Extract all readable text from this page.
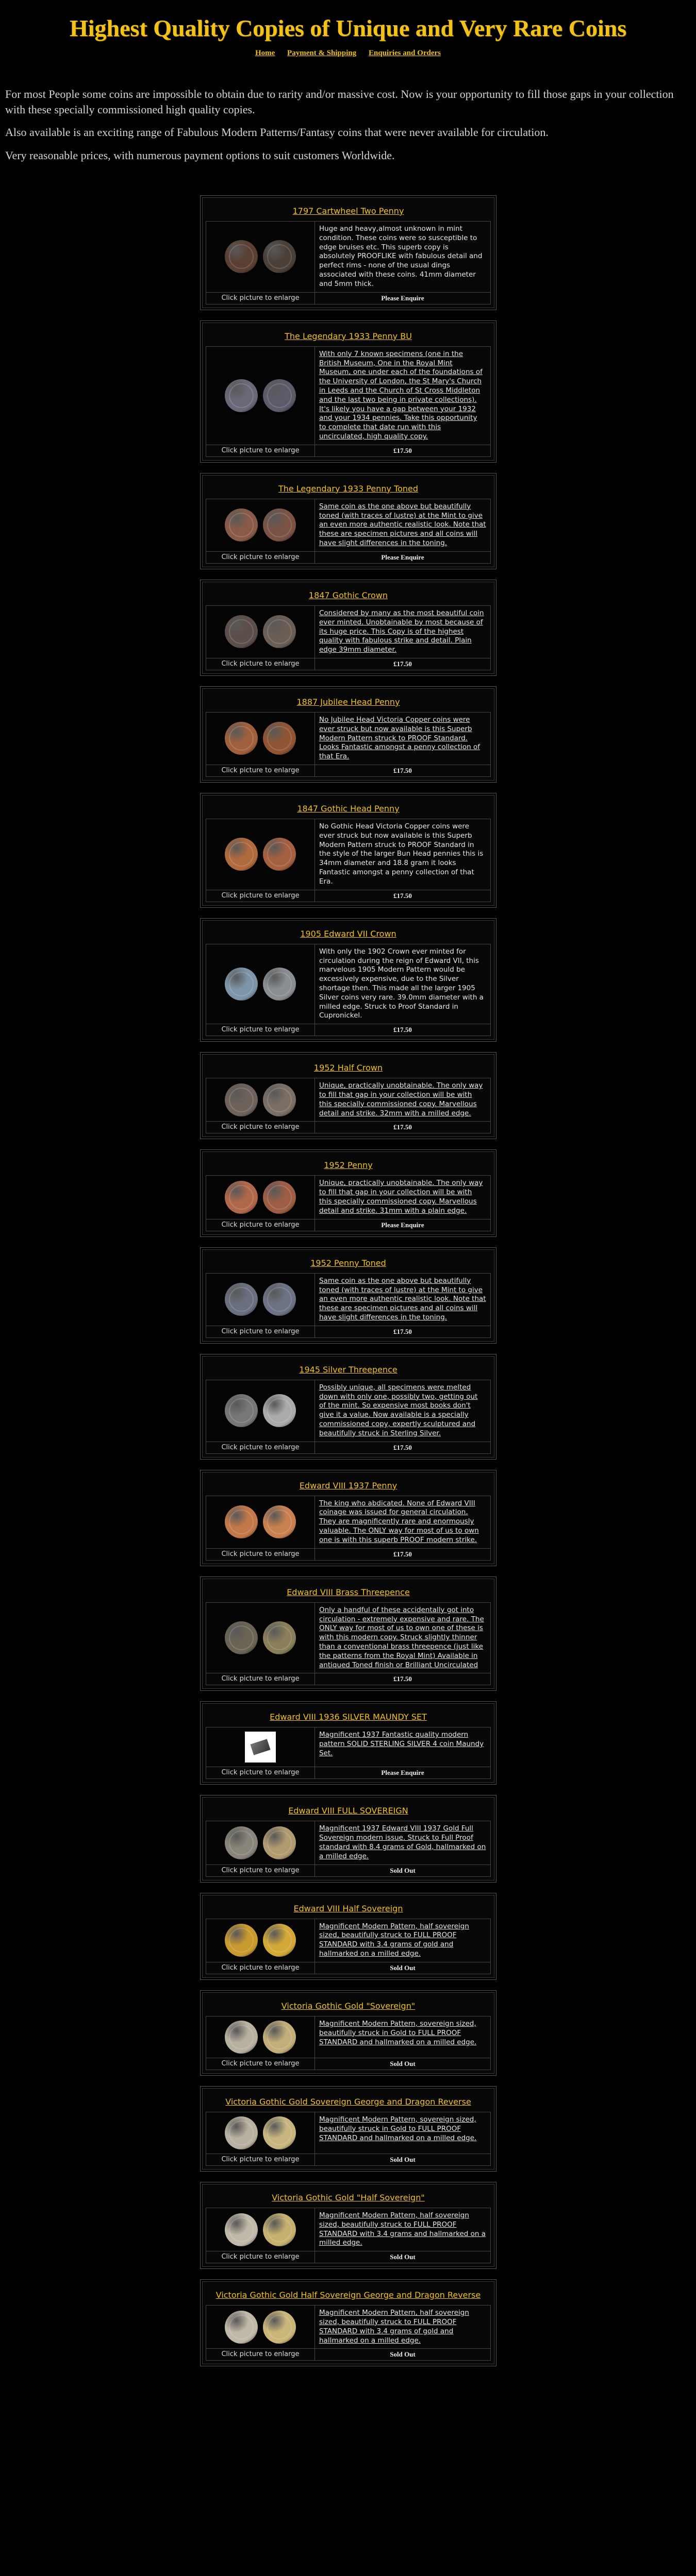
Highest Quality Copies of Unique and Very Rare Coins
Home Payment & Shipping Enquiries and Orders

For most People some coins are impossible to obtain due to rarity and/or massive cost. Now is your opportunity to fill those gaps in your collection with these specially commissioned high quality copies.

Also available is an exciting range of Fabulous Modern Patterns/Fantasy coins that were never available for circulation.

Very reasonable prices, with numerous payment options to suit customers Worldwide.

1797 Cartwheel Two Penny
Huge and heavy,almost unknown in mint condition. These coins were so susceptible to edge bruises etc. This superb copy is absolutely PROOFLIKE with fabulous detail and perfect rims - none of the usual dings associated with these coins. 41mm diameter and 5mm thick.
Click picture to enlarge	Please Enquire
The Legendary 1933 Penny BU
With only 7 known specimens (one in the British Museum, One in the Royal Mint Museum, one under each of the foundations of the University of London, the St Mary's Church in Leeds and the Church of St Cross Middleton and the last two being in private collections). It's likely you have a gap between your 1932 and your 1934 pennies. Take this opportunity to complete that date run with this uncirculated, high quality copy.
Click picture to enlarge	£17.50
The Legendary 1933 Penny Toned
Same coin as the one above but beautifully toned (with traces of lustre) at the Mint to give an even more authentic realistic look. Note that these are specimen pictures and all coins will have slight differences in the toning.
Click picture to enlarge	Please Enquire
1847 Gothic Crown
Considered by many as the most beautiful coin ever minted. Unobtainable by most because of its huge price. This Copy is of the highest quality with fabulous strike and detail. Plain edge 39mm diameter.
Click picture to enlarge	£17.50
1887 Jubilee Head Penny
No Jubilee Head Victoria Copper coins were ever struck but now available is this Superb Modern Pattern struck to PROOF Standard. Looks Fantastic amongst a penny collection of that Era.
Click picture to enlarge	£17.50
1847 Gothic Head Penny
No Gothic Head Victoria Copper coins were ever struck but now available is this Superb Modern Pattern struck to PROOF Standard in the style of the larger Bun Head pennies this is 34mm diameter and 18.8 gram it looks Fantastic amongst a penny collection of that Era.
Click picture to enlarge	£17.50
1905 Edward VII Crown
With only the 1902 Crown ever minted for circulation during the reign of Edward VII, this marvelous 1905 Modern Pattern would be excessively expensive, due to the Silver shortage then. This made all the larger 1905 Silver coins very rare. 39.0mm diameter with a milled edge. Struck to Proof Standard in Cupronickel.
Click picture to enlarge	£17.50
1952 Half Crown
Unique, practically unobtainable. The only way to fill that gap in your collection will be with this specially commissioned copy. Marvellous detail and strike. 32mm with a milled edge.
Click picture to enlarge	£17.50
1952 Penny
Unique, practically unobtainable. The only way to fill that gap in your collection will be with this specially commissioned copy. Marvellous detail and strike. 31mm with a plain edge.
Click picture to enlarge	Please Enquire
1952 Penny Toned
Same coin as the one above but beautifully toned (with traces of lustre) at the Mint to give an even more authentic realistic look. Note that these are specimen pictures and all coins will have slight differences in the toning.
Click picture to enlarge	£17.50
1945 Silver Threepence
Possibly unique, all specimens were melted down with only one, possibly two, getting out of the mint. So expensive most books don't give it a value. Now available is a specially commissioned copy, expertly sculptured and beautifully struck in Sterling Silver.
Click picture to enlarge	£17.50
Edward VIII 1937 Penny
The king who abdicated. None of Edward VIII coinage was issued for general circulation. They are magnificently rare and enormously valuable. The ONLY way for most of us to own one is with this superb PROOF modern strike.
Click picture to enlarge	£17.50
Edward VIII Brass Threepence
Only a handful of these accidentally got into circulation - extremely expensive and rare. The ONLY way for most of us to own one of these is with this modern copy. Struck slightly thinner than a conventional brass threepence (just like the patterns from the Royal Mint) Available in antiqued Toned finish or Brilliant Uncirculated
Click picture to enlarge	£17.50
Edward VIII 1936 SILVER MAUNDY SET
Magnificent 1937 Fantastic quality modern pattern SOLID STERLING SILVER 4 coin Maundy Set.
Click picture to enlarge	Please Enquire
Edward VIII FULL SOVEREIGN
Magnificent 1937 Edward VIII 1937 Gold Full Sovereign modern issue. Struck to Full Proof standard with 8.4 grams of Gold, hallmarked on a milled edge.
Click picture to enlarge	Sold Out
Edward VIII Half Sovereign
Magnificent Modern Pattern, half sovereign sized, beautifully struck to FULL PROOF STANDARD with 3.4 grams of gold and hallmarked on a milled edge.
Click picture to enlarge	Sold Out
Victoria Gothic Gold "Sovereign"
Magnificent Modern Pattern, sovereign sized, beautifully struck in Gold to FULL PROOF STANDARD and hallmarked on a milled edge.
Click picture to enlarge	Sold Out
Victoria Gothic Gold Sovereign George and Dragon Reverse
Magnificent Modern Pattern, sovereign sized, beautifully struck in Gold to FULL PROOF STANDARD and hallmarked on a milled edge.
Click picture to enlarge	Sold Out
Victoria Gothic Gold "Half Sovereign"
Magnificent Modern Pattern, half sovereign sized, beautifully struck to FULL PROOF STANDARD with 3.4 grams and hallmarked on a milled edge.
Click picture to enlarge	Sold Out
Victoria Gothic Gold Half Sovereign George and Dragon Reverse
Magnificent Modern Pattern, half sovereign sized, beautifully struck to FULL PROOF STANDARD with 3.4 grams of gold and hallmarked on a milled edge.
Click picture to enlarge	Sold Out
